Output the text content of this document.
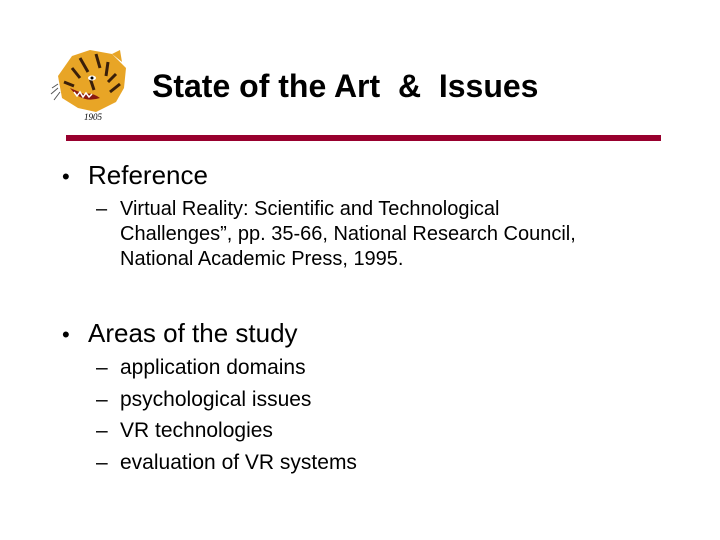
1905
State of the Art  &  Issues
• Reference
– Virtual Reality: Scientific and Technological Challenges”, pp. 35-66, National Research Council, National Academic Press, 1995.
• Areas of the study
– application domains
– psychological issues
– VR technologies
– evaluation of VR systems
